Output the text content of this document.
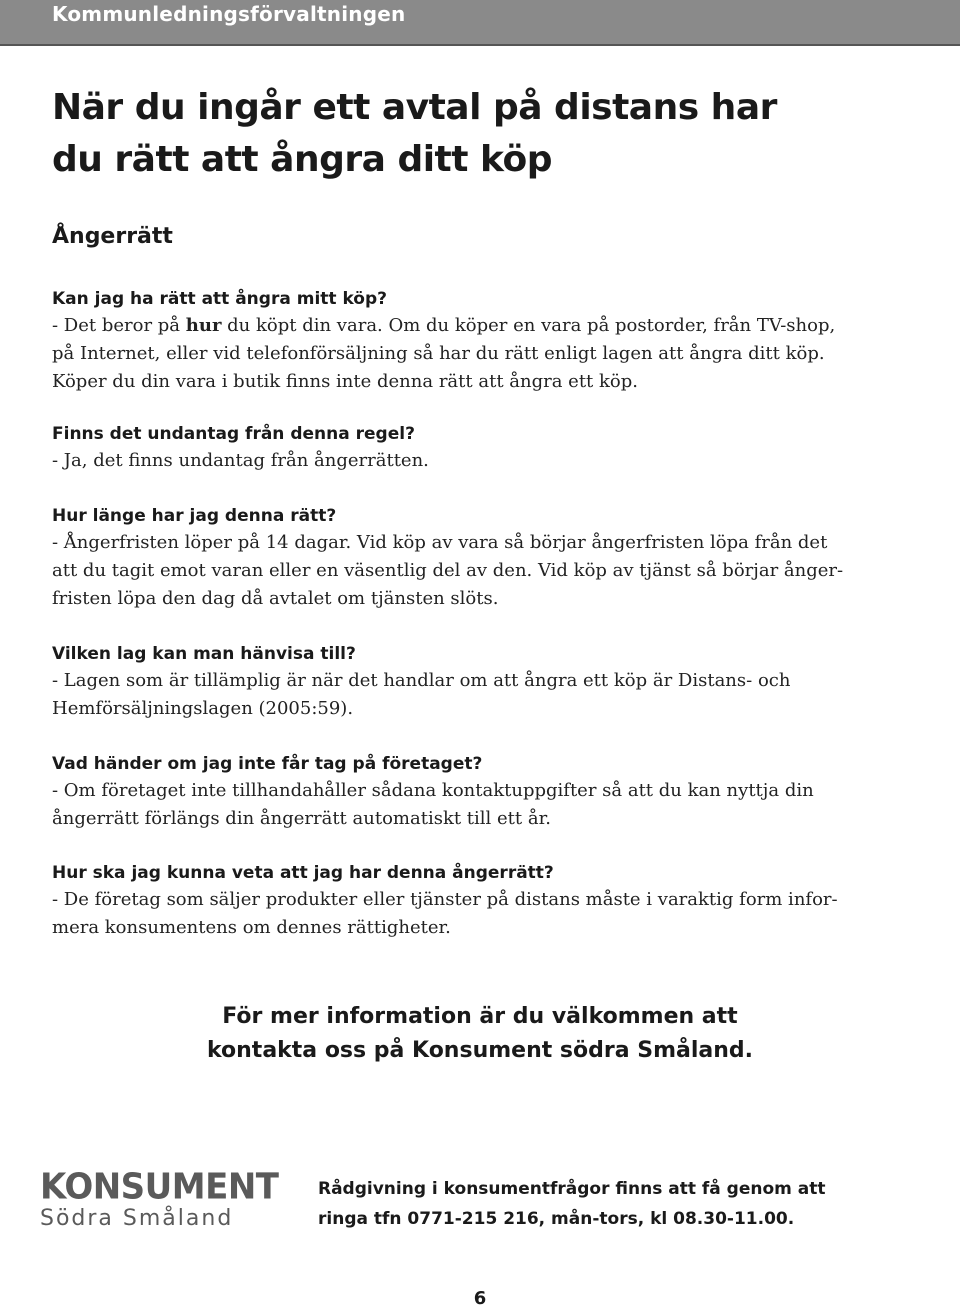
Kommunledningsförvaltningen
När du ingår ett avtal på distans har
du rätt att ångra ditt köp
Ångerrätt
Kan jag ha rätt att ångra mitt köp?
- Det beror på hur du köpt din vara. Om du köper en vara på postorder, från TV-shop,
på Internet, eller vid telefonförsäljning så har du rätt enligt lagen att ångra ditt köp.
Köper du din vara i butik finns inte denna rätt att ångra ett köp.
Finns det undantag från denna regel?
- Ja, det finns undantag från ångerrätten.
Hur länge har jag denna rätt?
- Ångerfristen löper på 14 dagar. Vid köp av vara så börjar ångerfristen löpa från det
att du tagit emot varan eller en väsentlig del av den. Vid köp av tjänst så börjar ånger-
fristen löpa den dag då avtalet om tjänsten slöts.
Vilken lag kan man hänvisa till?
- Lagen som är tillämplig är när det handlar om att ångra ett köp är Distans- och
Hemförsäljningslagen (2005:59).
Vad händer om jag inte får tag på företaget?
- Om företaget inte tillhandahåller sådana kontaktuppgifter så att du kan nyttja din
ångerrätt förlängs din ångerrätt automatiskt till ett år.
Hur ska jag kunna veta att jag har denna ångerrätt?
- De företag som säljer produkter eller tjänster på distans måste i varaktig form infor-
mera konsumentens om dennes rättigheter.
För mer information är du välkommen att
kontakta oss på Konsument södra Småland.
KONSUMENT
Södra Småland
Rådgivning i konsumentfrågor finns att få genom att
ringa tfn 0771-215 216, mån-tors, kl 08.30-11.00.
6
